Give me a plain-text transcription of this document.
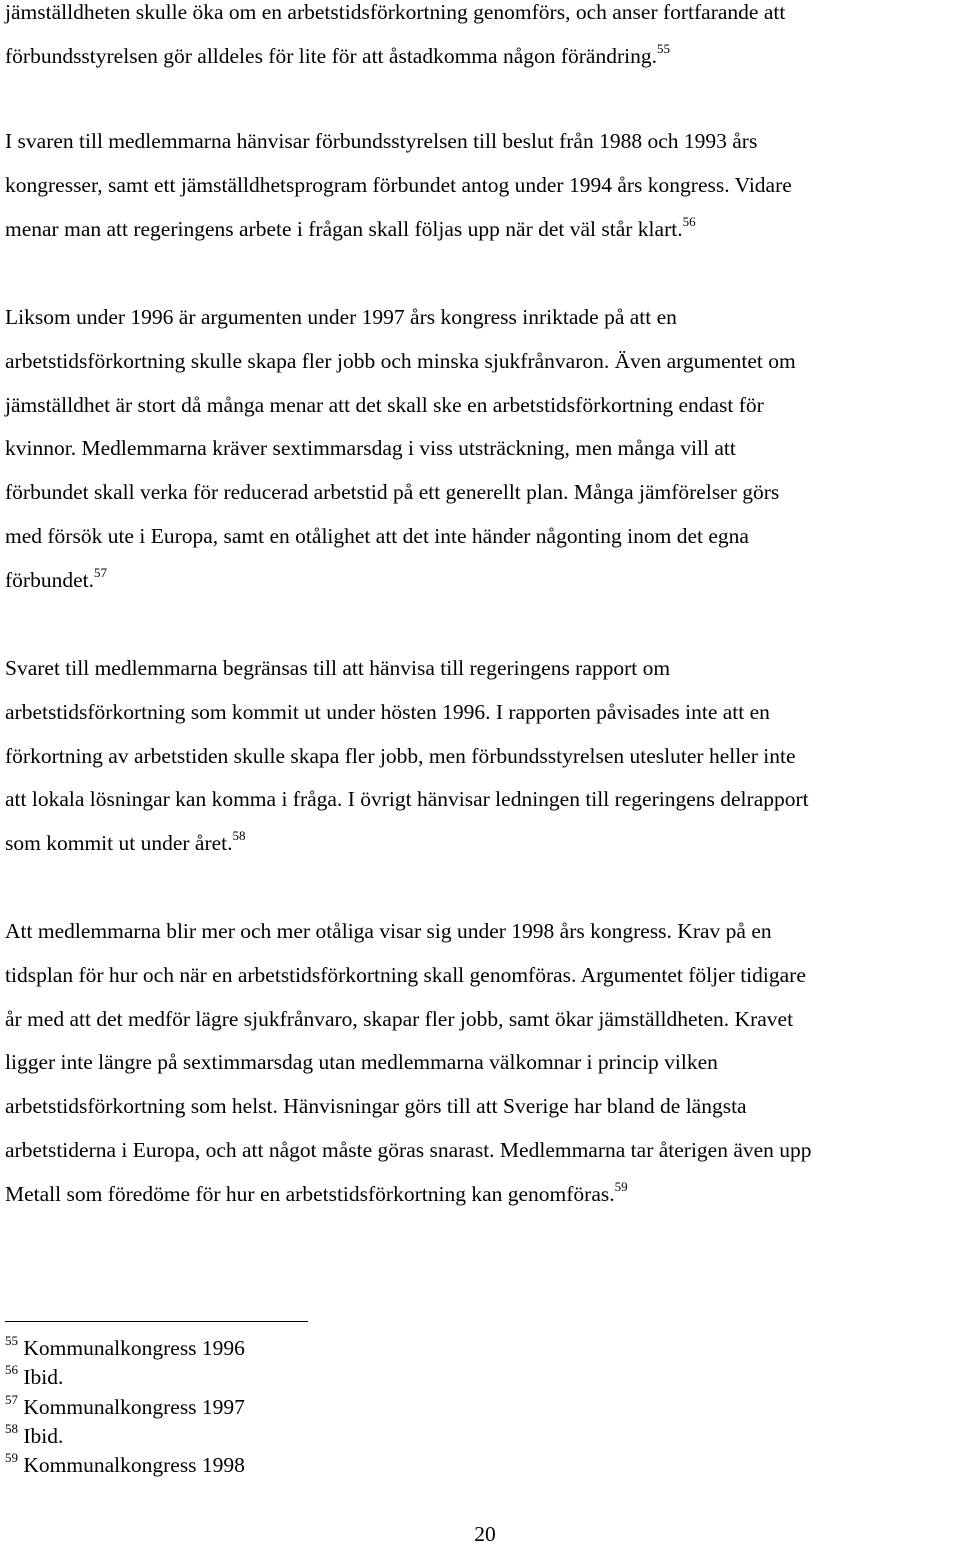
jämställdheten skulle öka om en arbetstidsförkortning genomförs, och anser fortfarande att
förbundsstyrelsen gör alldeles för lite för att åstadkomma någon förändring.$^{55}$

I svaren till medlemmarna hänvisar förbundsstyrelsen till beslut från 1988 och 1993 års
kongresser, samt ett jämställdhetsprogram förbundet antog under 1994 års kongress. Vidare
menar man att regeringens arbete i frågan skall följas upp när det väl står klart.$^{56}$

Liksom under 1996 är argumenten under 1997 års kongress inriktade på att en
arbetstidsförkortning skulle skapa fler jobb och minska sjukfrånvaron. Även argumentet om
jämställdhet är stort då många menar att det skall ske en arbetstidsförkortning endast för
kvinnor. Medlemmarna kräver sextimmarsdag i viss utsträckning, men många vill att
förbundet skall verka för reducerad arbetstid på ett generellt plan. Många jämförelser görs
med försök ute i Europa, samt en otålighet att det inte händer någonting inom det egna
förbundet.$^{57}$

Svaret till medlemmarna begränsas till att hänvisa till regeringens rapport om
arbetstidsförkortning som kommit ut under hösten 1996. I rapporten påvisades inte att en
förkortning av arbetstiden skulle skapa fler jobb, men förbundsstyrelsen utesluter heller inte
att lokala lösningar kan komma i fråga. I övrigt hänvisar ledningen till regeringens delrapport
som kommit ut under året.$^{58}$

Att medlemmarna blir mer och mer otåliga visar sig under 1998 års kongress. Krav på en
tidsplan för hur och när en arbetstidsförkortning skall genomföras. Argumentet följer tidigare
år med att det medför lägre sjukfrånvaro, skapar fler jobb, samt ökar jämställdheten. Kravet
ligger inte längre på sextimmarsdag utan medlemmarna välkomnar i princip vilken
arbetstidsförkortning som helst. Hänvisningar görs till att Sverige har bland de längsta
arbetstiderna i Europa, och att något måste göras snarast. Medlemmarna tar återigen även upp
Metall som föredöme för hur en arbetstidsförkortning kan genomföras.$^{59}$

$^{55}$ Kommunalkongress 1996
$^{56}$ Ibid.
$^{57}$ Kommunalkongress 1997
$^{58}$ Ibid.
$^{59}$ Kommunalkongress 1998
20
